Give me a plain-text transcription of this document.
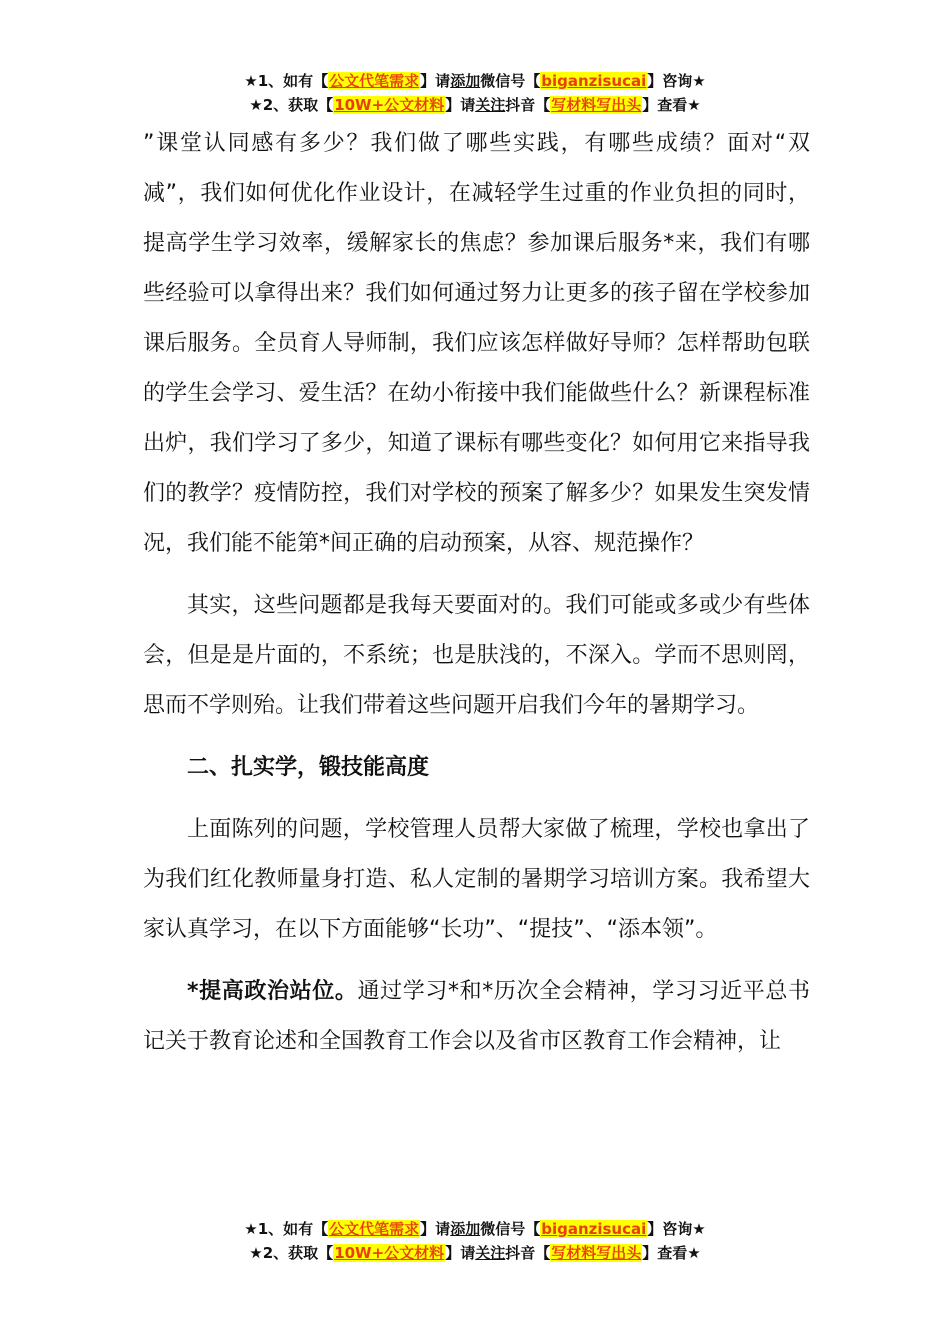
★1、如有【公文代笔需求】请添加微信号【biganzisucai】咨询★
★2、获取【10W+公文材料】请关注抖音【写材料写出头】查看★

”课堂认同感有多少？我们做了哪些实践，有哪些成绩？面对“双减”，我们如何优化作业设计，在减轻学生过重的作业负担的同时，提高学生学习效率，缓解家长的焦虑？参加课后服务*来，我们有哪些经验可以拿得出来？我们如何通过努力让更多的孩子留在学校参加课后服务。全员育人导师制，我们应该怎样做好导师？怎样帮助包联的学生会学习、爱生活？在幼小衔接中我们能做些什么？新课程标准出炉，我们学习了多少，知道了课标有哪些变化？如何用它来指导我们的教学？疫情防控，我们对学校的预案了解多少？如果发生突发情况，我们能不能第*间正确的启动预案，从容、规范操作？

其实，这些问题都是我每天要面对的。我们可能或多或少有些体会，但是是片面的，不系统；也是肤浅的，不深入。学而不思则罔，思而不学则殆。让我们带着这些问题开启我们今年的暑期学习。

二、扎实学，锻技能高度

上面陈列的问题，学校管理人员帮大家做了梳理，学校也拿出了为我们红化教师量身打造、私人定制的暑期学习培训方案。我希望大家认真学习，在以下方面能够“长功”、“提技”、“添本领”。

*提高政治站位。通过学习*和*历次全会精神，学习习近平总书记关于教育论述和全国教育工作会以及省市区教育工作会精神，让

★1、如有【公文代笔需求】请添加微信号【biganzisucai】咨询★
★2、获取【10W+公文材料】请关注抖音【写材料写出头】查看★
